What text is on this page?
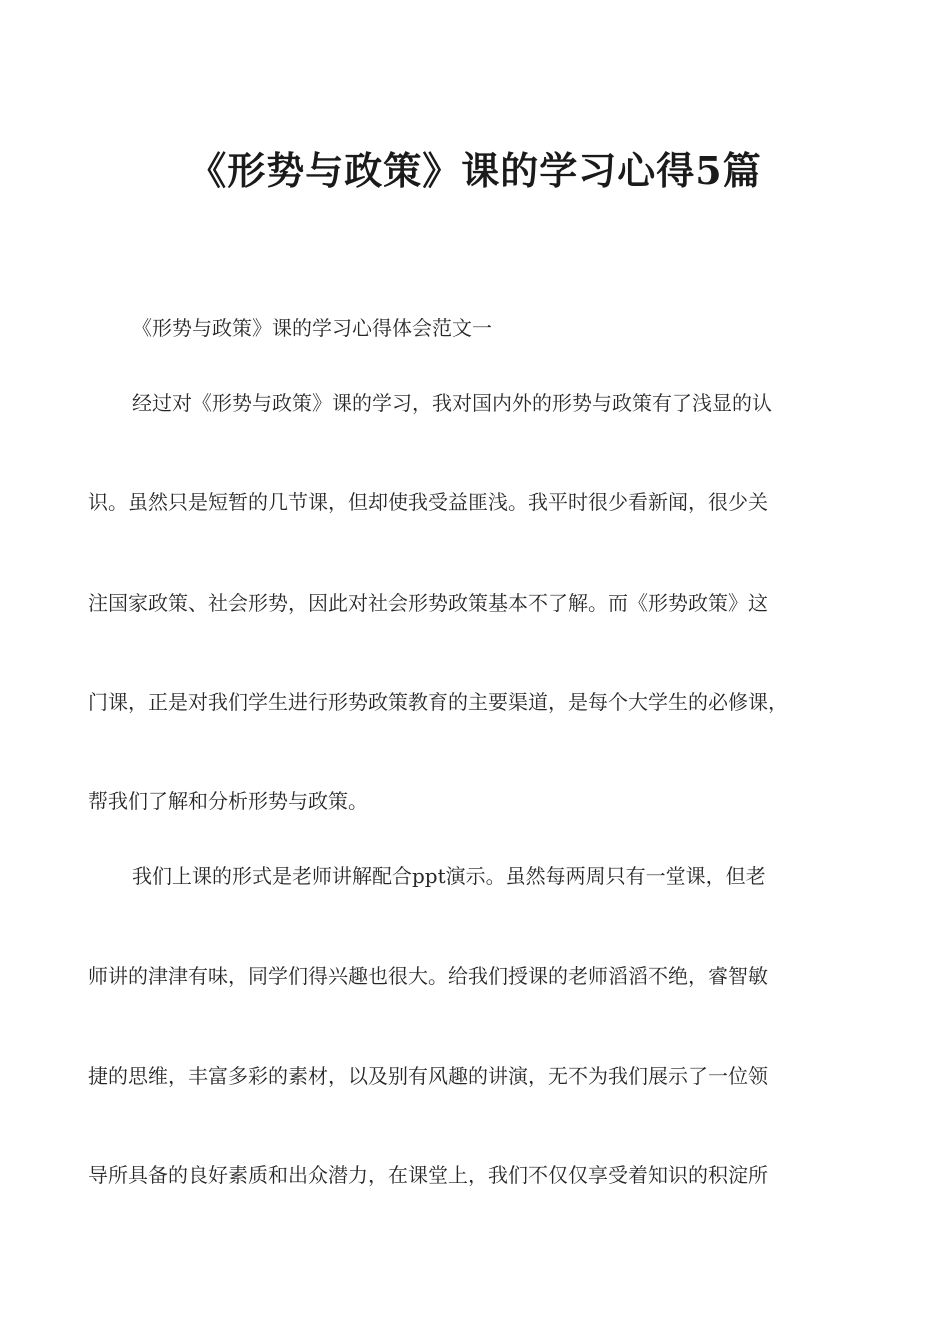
《形势与政策》课的学习心得5篇
《形势与政策》课的学习心得体会范文一
经过对《形势与政策》课的学习，我对国内外的形势与政策有了浅显的认
识。虽然只是短暂的几节课，但却使我受益匪浅。我平时很少看新闻，很少关
注国家政策、社会形势，因此对社会形势政策基本不了解。而《形势政策》这
门课，正是对我们学生进行形势政策教育的主要渠道，是每个大学生的必修课，
帮我们了解和分析形势与政策。
我们上课的形式是老师讲解配合ppt演示。虽然每两周只有一堂课，但老
师讲的津津有味，同学们得兴趣也很大。给我们授课的老师滔滔不绝，睿智敏
捷的思维，丰富多彩的素材，以及别有风趣的讲演，无不为我们展示了一位领
导所具备的良好素质和出众潜力，在课堂上，我们不仅仅享受着知识的积淀所
